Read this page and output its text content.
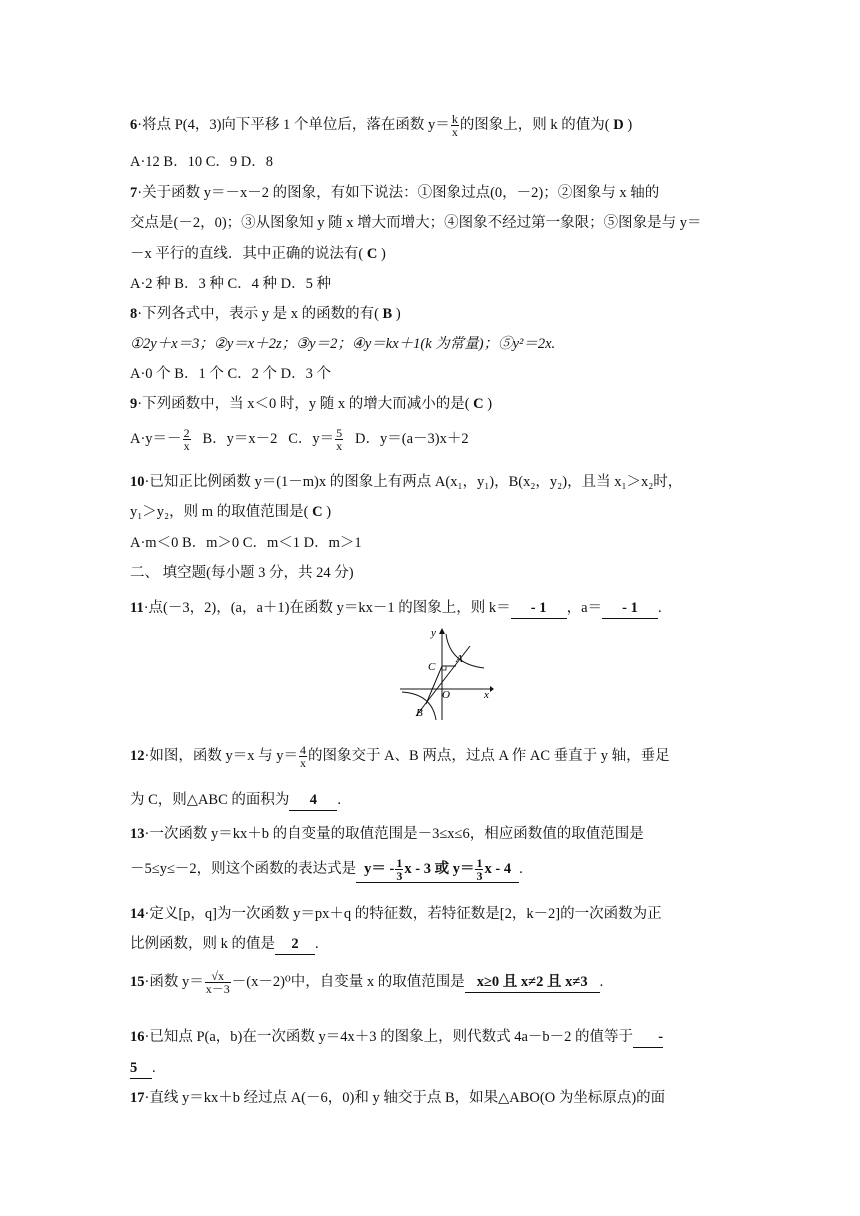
6·将点 P(4，3)向下平移 1 个单位后，落在函数 $y= \frac{k}{x}$ 的图象上，则 k 的值为( D )
A·12 B．10 C．9 D．8
7·关于函数 y＝－x－2 的图象，有如下说法：①图象过点(0，－2)；②图象与 x 轴的
交点是(－2，0)；③从图象知 y 随 x 增大而增大；④图象不经过第一象限；⑤图象是与 y＝
－x 平行的直线．其中正确的说法有( C )
A·2 种 B．3 种 C．4 种 D．5 种
8·下列各式中，表示 y 是 x 的函数的有( B )
①2y＋x＝3；②y＝x＋2z；③y＝2；④y＝kx＋1(k 为常量)；⑤y²＝2x.
A·0 个 B．1 个 C．2 个 D．3 个
9·下列函数中，当 x＜0 时，y 随 x 的增大而减小的是( C )
$A\cdot y=- \frac{2}{x}$ B．y＝x－2 C．$y= \frac{5}{x}$ D．y＝(a－3)x＋2
10·已知正比例函数 y＝(1－m)x 的图象上有两点 A(x₁，y₁)，B(x₂，y₂)，且当 x₁＞x₂时，
y₁＞y₂，则 m 的取值范围是( C )
A·m＜0 B．m＞0 C．m＜1 D．m＞1
二、 填空题(每小题 3 分，共 24 分)
11·点(－3，2)，(a，a＋1)在函数 y＝kx－1 的图象上，则 k＝ - 1 ，a＝ - 1 .
y
x
O
A
B
C
12·如图，函数 y＝x 与 $y= \frac{4}{x}$ 的图象交于 A、B 两点，过点 A 作 AC 垂直于 y 轴，垂足
为 C，则△ABC 的面积为 4 .
13·一次函数 y＝kx＋b 的自变量的取值范围是－3≤x≤6，相应函数值的取值范围是
－5≤y≤－2，则这个函数的表达式是 $y= - \frac{1}{3}$ x - 3 或 $y= \frac{1}{3}$ x - 4 .
14·定义[p，q]为一次函数 y＝px＋q 的特征数，若特征数是[2，k－2]的一次函数为正
比例函数，则 k 的值是 2 .
15·函数 $y= \frac{√x}{x-3} -(x-2)^0$中，自变量 x 的取值范围是 x≥0 且 x≠2 且 x≠3 .
16·已知点 P(a，b)在一次函数 y＝4x＋3 的图象上，则代数式 4a－b－2 的值等于 -
5 .
17·直线 y＝kx＋b 经过点 A(－6，0)和 y 轴交于点 B，如果△ABO(O 为坐标原点)的面
